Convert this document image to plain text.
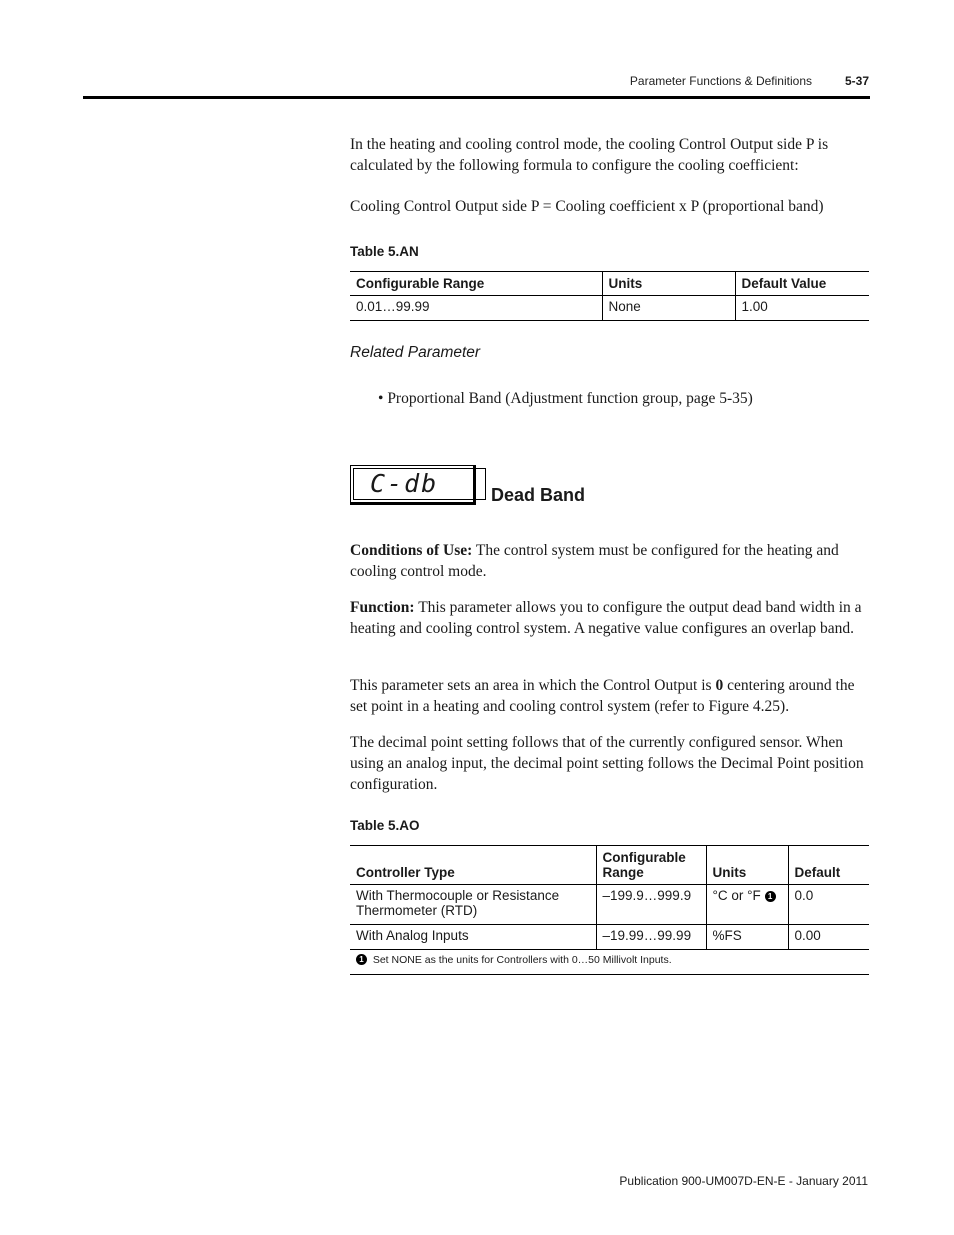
Parameter Functions & Definitions	5-37

In the heating and cooling control mode, the cooling Control Output side P is calculated by the following formula to configure the cooling coefficient:

Cooling Control Output side P = Cooling coefficient x P (proportional band)

Table 5.AN
Configurable Range	Units	Default Value
0.01…99.99	None	1.00
Related Parameter

• Proportional Band (Adjustment function group, page 5-35)

C-db	Dead Band

Conditions of Use: The control system must be configured for the heating and cooling control mode.

Function: This parameter allows you to configure the output dead band width in a heating and cooling control system. A negative value configures an overlap band.

This parameter sets an area in which the Control Output is 0 centering around the set point in a heating and cooling control system (refer to Figure 4.25).

The decimal point setting follows that of the currently configured sensor. When using an analog input, the decimal point setting follows the Decimal Point position configuration.

Table 5.AO
Controller Type	Configurable Range	Units	Default
With Thermocouple or Resistance Thermometer (RTD)	–199.9…999.9	°C or °F 1	0.0
With Analog Inputs	–19.99…99.99	%FS	0.00
1 Set NONE as the units for Controllers with 0…50 Millivolt Inputs.			
Publication 900-UM007D-EN-E - January 2011
